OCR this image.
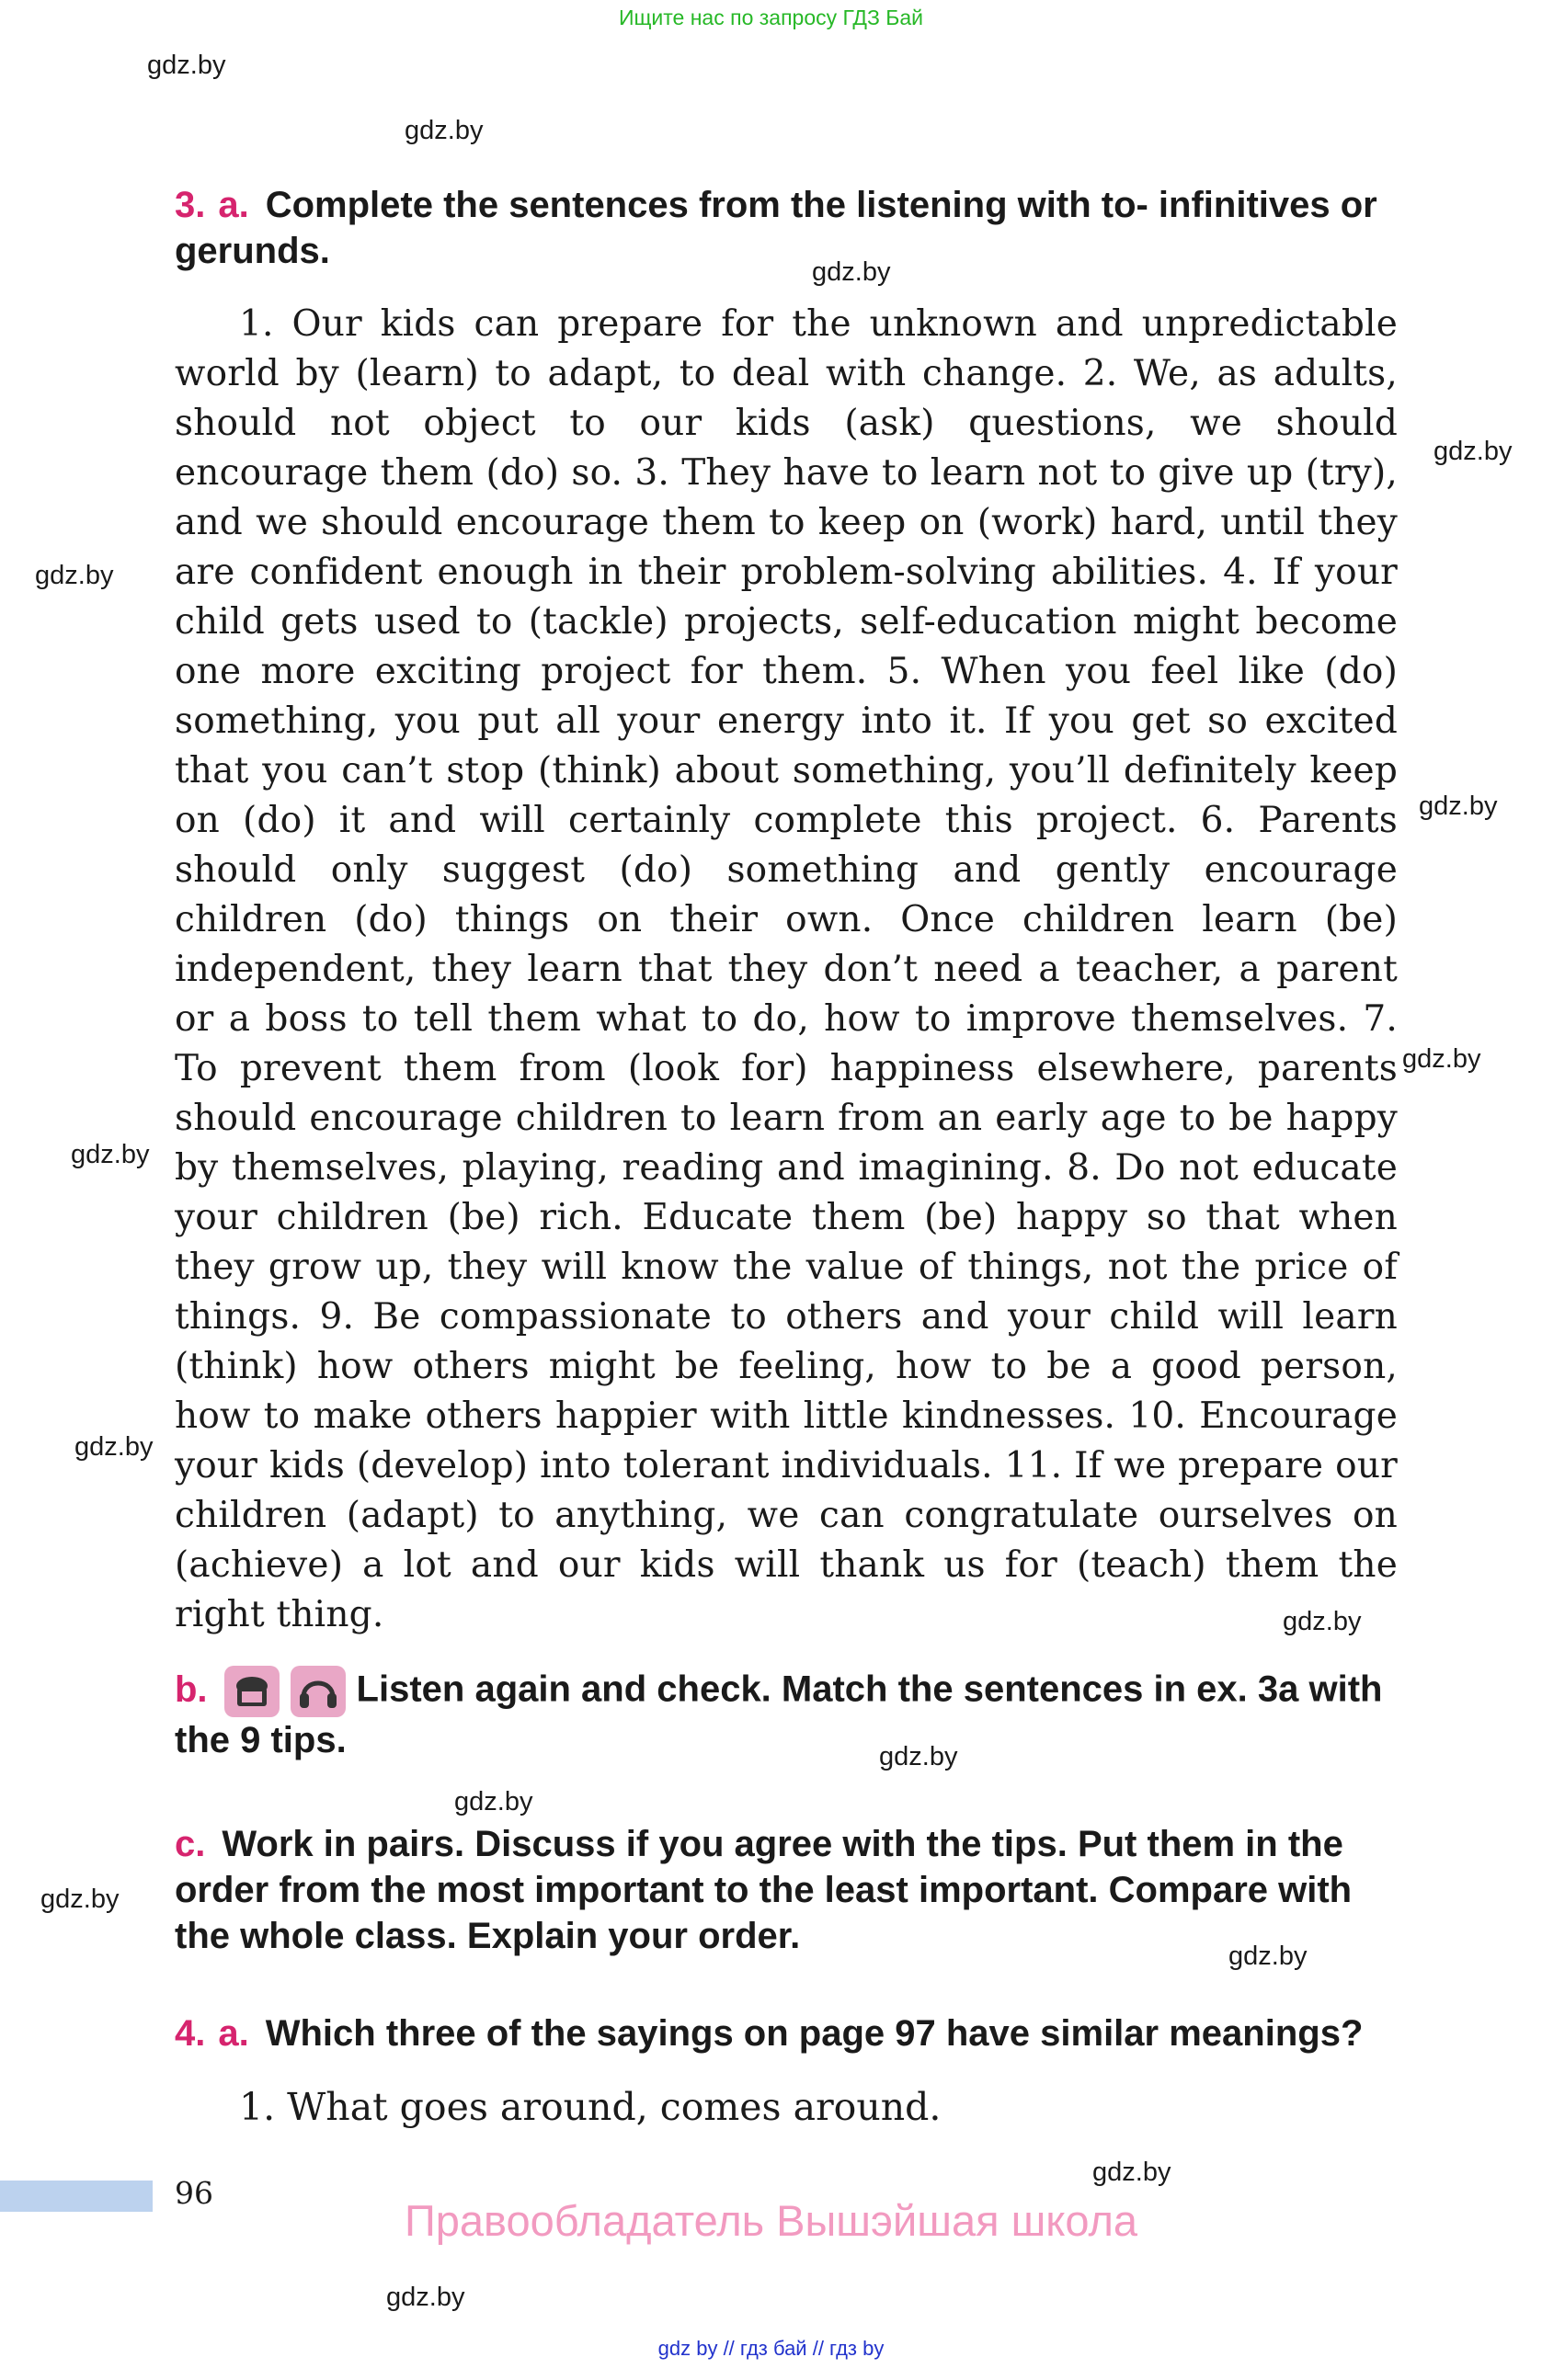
Ищите нас по запросу ГДЗ Бай
gdz.by
gdz.by
gdz.by
gdz.by
gdz.by
gdz.by
gdz.by
gdz.by
gdz.by
gdz.by
gdz.by
gdz.by
gdz.by
gdz.by
gdz.by
gdz.by
3. a. Complete the sentences from the listening with to- infinitives or gerunds.

1. Our kids can prepare for the unknown and unpredictable world by (learn) to adapt, to deal with change. 2. We, as adults, should not object to our kids (ask) questions, we should encourage them (do) so. 3. They have to learn not to give up (try), and we should encourage them to keep on (work) hard, until they are confident enough in their problem-solving abilities. 4. If your child gets used to (tackle) projects, self-education might become one more exciting project for them. 5. When you feel like (do) something, you put all your energy into it. If you get so excited that you can’t stop (think) about something, you’ll definitely keep on (do) it and will certainly complete this project. 6. Parents should only suggest (do) something and gently encourage children (do) things on their own. Once children learn (be) independent, they learn that they don’t need a teacher, a parent or a boss to tell them what to do, how to improve themselves. 7. To prevent them from (look for) happiness elsewhere, parents should encourage children to learn from an early age to be happy by themselves, playing, reading and imagining. 8. Do not educate your children (be) rich. Educate them (be) happy so that when they grow up, they will know the value of things, not the price of things. 9. Be compassionate to others and your child will learn (think) how others might be feeling, how to be a good person, how to make others happier with little kindnesses. 10. Encourage your kids (develop) into tolerant individuals. 11. If we prepare our children (adapt) to anything, we can congratulate ourselves on (achieve) a lot and our kids will thank us for (teach) them the right thing.

b.	Listen again and check. Match the sentences in ex. 3a with the 9 tips.
c. Work in pairs. Discuss if you agree with the tips. Put them in the order from the most important to the least important. Compare with the whole class. Explain your order.
4. a. Which three of the sayings on page 97 have similar meanings?
1. What goes around, comes around.
96
Правообладатель Вышэйшая школа
gdz by // гдз бай // гдз by
